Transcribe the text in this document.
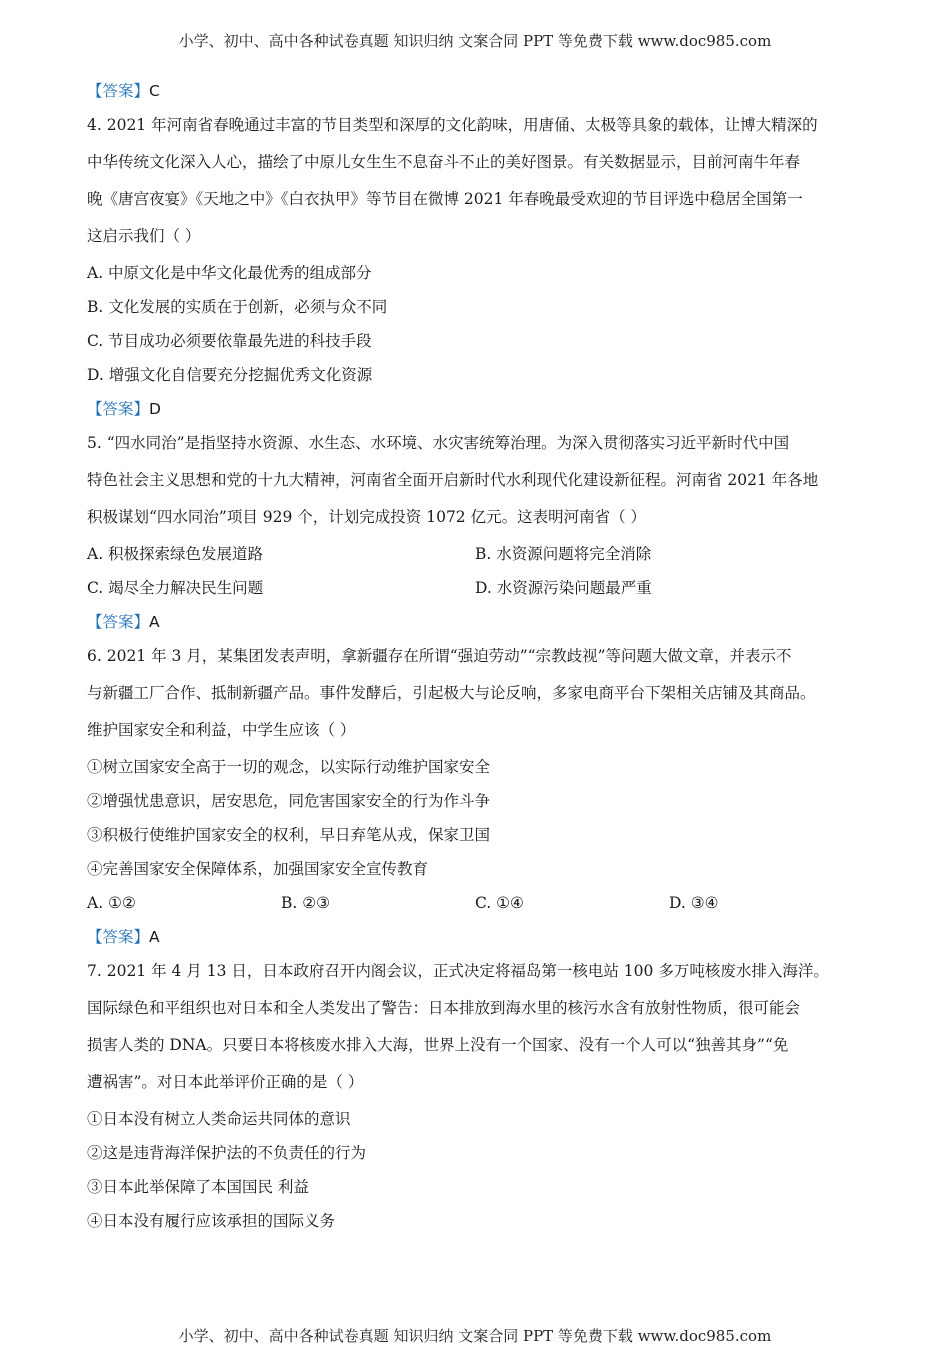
小学、初中、高中各种试卷真题 知识归纳 文案合同 PPT 等免费下载 www.doc985.com
【答案】C
4. 2021 年河南省春晚通过丰富的节目类型和深厚的文化韵味，用唐俑、太极等具象的载体，让博大精深的
中华传统文化深入人心，描绘了中原儿女生生不息奋斗不止的美好图景。有关数据显示，目前河南牛年春
晚《唐宫夜宴》《天地之中》《白衣执甲》等节目在微博 2021 年春晚最受欢迎的节目评选中稳居全国第一
这启示我们（ ）
A. 中原文化是中华文化最优秀的组成部分
B. 文化发展的实质在于创新，必须与众不同
C. 节目成功必须要依靠最先进的科技手段
D. 增强文化自信要充分挖掘优秀文化资源
【答案】D
5. “四水同治”是指坚持水资源、水生态、水环境、水灾害统筹治理。为深入贯彻落实习近平新时代中国
特色社会主义思想和党的十九大精神，河南省全面开启新时代水利现代化建设新征程。河南省 2021 年各地
积极谋划“四水同治”项目 929 个，计划完成投资 1072 亿元。这表明河南省（ ）
A. 积极探索绿色发展道路	B. 水资源问题将完全消除
C. 竭尽全力解决民生问题	D. 水资源污染问题最严重
【答案】A
6. 2021 年 3 月，某集团发表声明，拿新疆存在所谓“强迫劳动”“宗教歧视”等问题大做文章，并表示不
与新疆工厂合作、抵制新疆产品。事件发酵后，引起极大与论反响，多家电商平台下架相关店铺及其商品。
维护国家安全和利益，中学生应该（ ）
①树立国家安全高于一切的观念，以实际行动维护国家安全
②增强忧患意识，居安思危，同危害国家安全的行为作斗争
③积极行使维护国家安全的权利，早日弃笔从戎，保家卫国
④完善国家安全保障体系，加强国家安全宣传教育
A. ①②	B. ②③	C. ①④	D. ③④
【答案】A
7. 2021 年 4 月 13 日，日本政府召开内阁会议，正式决定将福岛第一核电站 100 多万吨核废水排入海洋。
国际绿色和平组织也对日本和全人类发出了警告：日本排放到海水里的核污水含有放射性物质，很可能会
损害人类的 DNA。只要日本将核废水排入大海，世界上没有一个国家、没有一个人可以“独善其身”“免
遭祸害”。对日本此举评价正确的是（ ）
①日本没有树立人类命运共同体的意识
②这是违背海洋保护法的不负责任的行为
③日本此举保障了本国国民 利益
④日本没有履行应该承担的国际义务
小学、初中、高中各种试卷真题 知识归纳 文案合同 PPT 等免费下载 www.doc985.com
